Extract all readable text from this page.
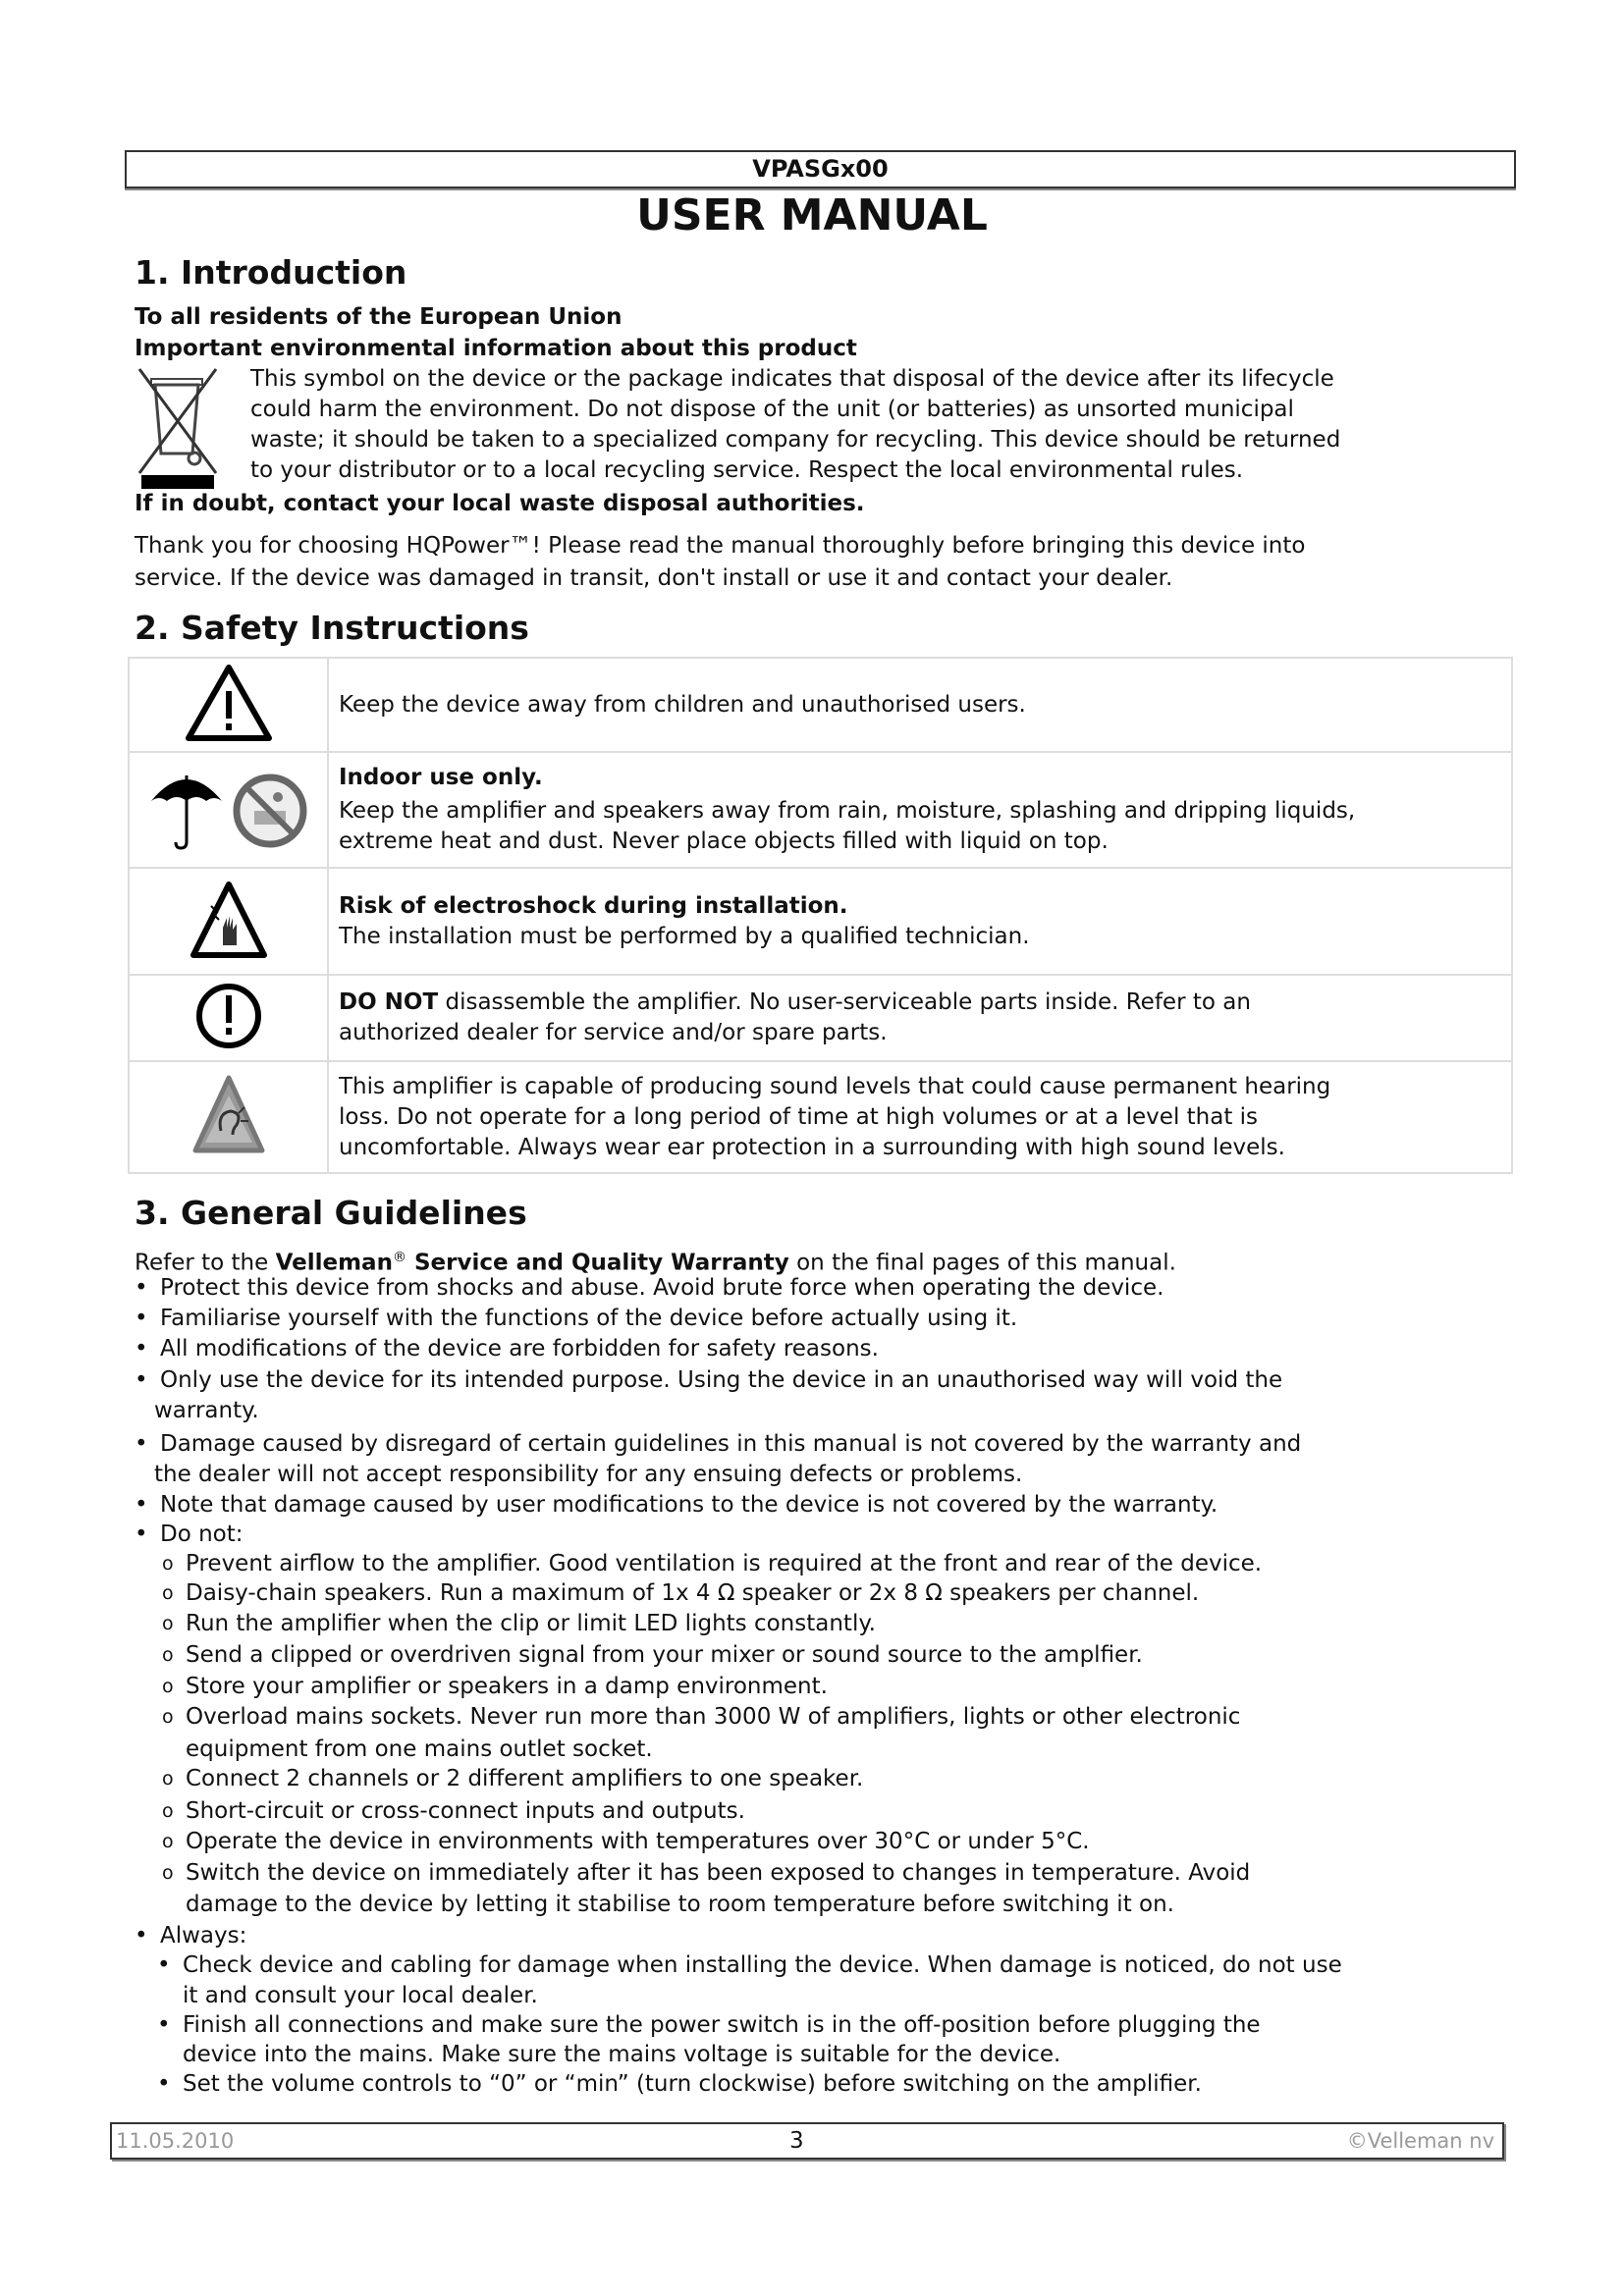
VPASGx00
USER MANUAL
1. Introduction
To all residents of the European Union
Important environmental information about this product
This symbol on the device or the package indicates that disposal of the device after its lifecycle
could harm the environment. Do not dispose of the unit (or batteries) as unsorted municipal
waste; it should be taken to a specialized company for recycling. This device should be returned
to your distributor or to a local recycling service. Respect the local environmental rules.
If in doubt, contact your local waste disposal authorities.
Thank you for choosing HQPower™! Please read the manual thoroughly before bringing this device into
service. If the device was damaged in transit, don't install or use it and contact your dealer.
2. Safety Instructions

Keep the device away from children and unauthorised users.

Indoor use only.
Keep the amplifier and speakers away from rain, moisture, splashing and dripping liquids,
extreme heat and dust. Never place objects filled with liquid on top.

Risk of electroshock during installation.
The installation must be performed by a qualified technician.

DO NOT disassemble the amplifier. No user-serviceable parts inside. Refer to an
authorized dealer for service and/or spare parts.

This amplifier is capable of producing sound levels that could cause permanent hearing
loss. Do not operate for a long period of time at high volumes or at a level that is
uncomfortable. Always wear ear protection in a surrounding with high sound levels.
3. General Guidelines
Refer to the Velleman® Service and Quality Warranty on the final pages of this manual.
• Protect this device from shocks and abuse. Avoid brute force when operating the device.
• Familiarise yourself with the functions of the device before actually using it.
• All modifications of the device are forbidden for safety reasons.
• Only use the device for its intended purpose. Using the device in an unauthorised way will void the
warranty.
• Damage caused by disregard of certain guidelines in this manual is not covered by the warranty and
the dealer will not accept responsibility for any ensuing defects or problems.
• Note that damage caused by user modifications to the device is not covered by the warranty.
• Do not:
o Prevent airflow to the amplifier. Good ventilation is required at the front and rear of the device.
o Daisy-chain speakers. Run a maximum of 1x 4 Ω speaker or 2x 8 Ω speakers per channel.
o Run the amplifier when the clip or limit LED lights constantly.
o Send a clipped or overdriven signal from your mixer or sound source to the amplfier.
o Store your amplifier or speakers in a damp environment.
o Overload mains sockets. Never run more than 3000 W of amplifiers, lights or other electronic
equipment from one mains outlet socket.
o Connect 2 channels or 2 different amplifiers to one speaker.
o Short-circuit or cross-connect inputs and outputs.
o Operate the device in environments with temperatures over 30°C or under 5°C.
o Switch the device on immediately after it has been exposed to changes in temperature. Avoid
damage to the device by letting it stabilise to room temperature before switching it on.
• Always:
• Check device and cabling for damage when installing the device. When damage is noticed, do not use
it and consult your local dealer.
• Finish all connections and make sure the power switch is in the off-position before plugging the
device into the mains. Make sure the mains voltage is suitable for the device.
• Set the volume controls to “0” or “min” (turn clockwise) before switching on the amplifier.
11.05.2010	3	©Velleman nv
